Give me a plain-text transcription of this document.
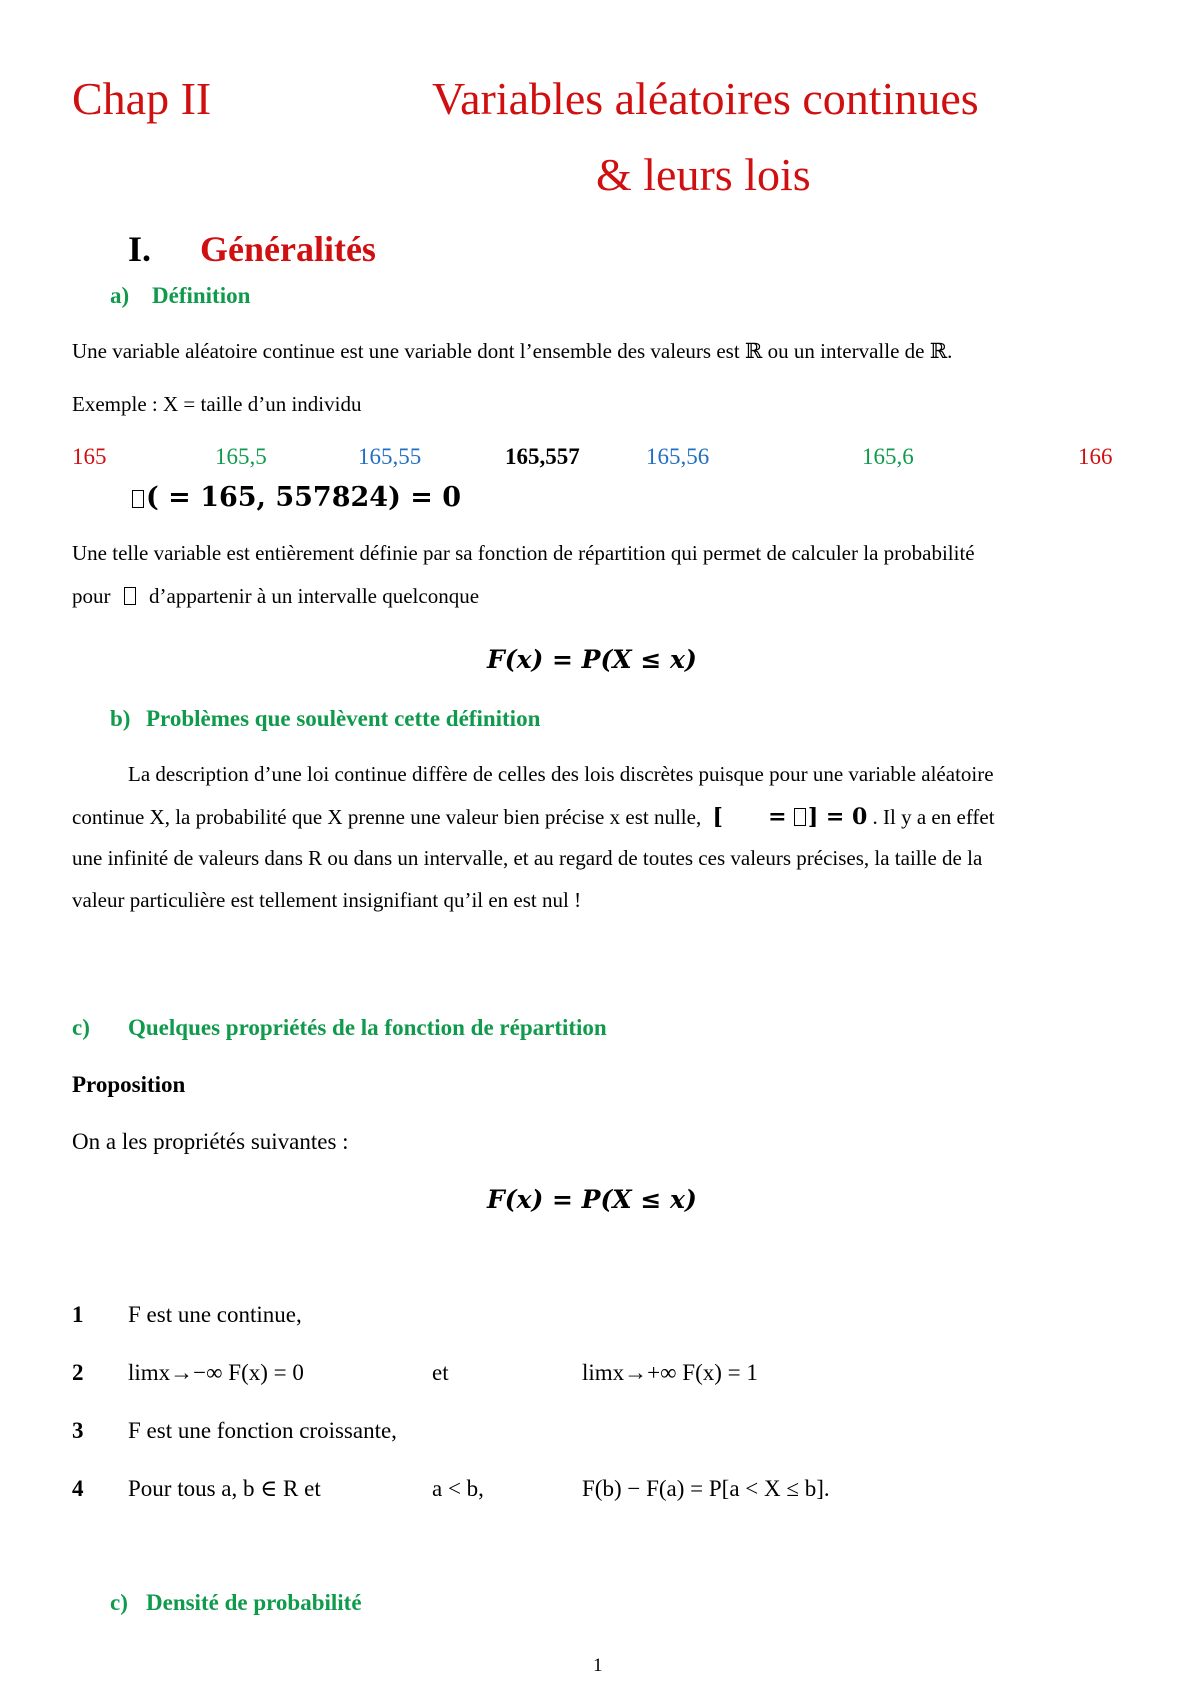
Chap II	Variables aléatoires continues
& leurs lois
I. Généralités
a) Définition
Une variable aléatoire continue est une variable dont l’ensemble des valeurs est ℝ ou un intervalle de ℝ.
Exemple : X = taille d’un individu
165	165,5	165,55	165,557	165,56	165,6	166
( = 165, 557824) = 0
Une telle variable est entièrement définie par sa fonction de répartition qui permet de calculer la probabilité
pour d’appartenir à un intervalle quelconque
F(x) = P(X ≤ x)
b) Problèmes que soulèvent cette définition
La description d’une loi continue diffère de celles des lois discrètes puisque pour une variable aléatoire
continue X, la probabilité que X prenne une valeur bien précise x est nulle, [ = ] = 0 . Il y a en effet
une infinité de valeurs dans R ou dans un intervalle, et au regard de toutes ces valeurs précises, la taille de la
valeur particulière est tellement insignifiant qu’il en est nul !
c) Quelques propriétés de la fonction de répartition
Proposition
On a les propriétés suivantes :
F(x) = P(X ≤ x)
1 F est une continue,
2 limx→−∞ F(x) = 0	et	limx→+∞ F(x) = 1
3 F est une fonction croissante,
4 Pour tous a, b ∈ R et	a < b,	F(b) − F(a) = P[a < X ≤ b].
c) Densité de probabilité
1
